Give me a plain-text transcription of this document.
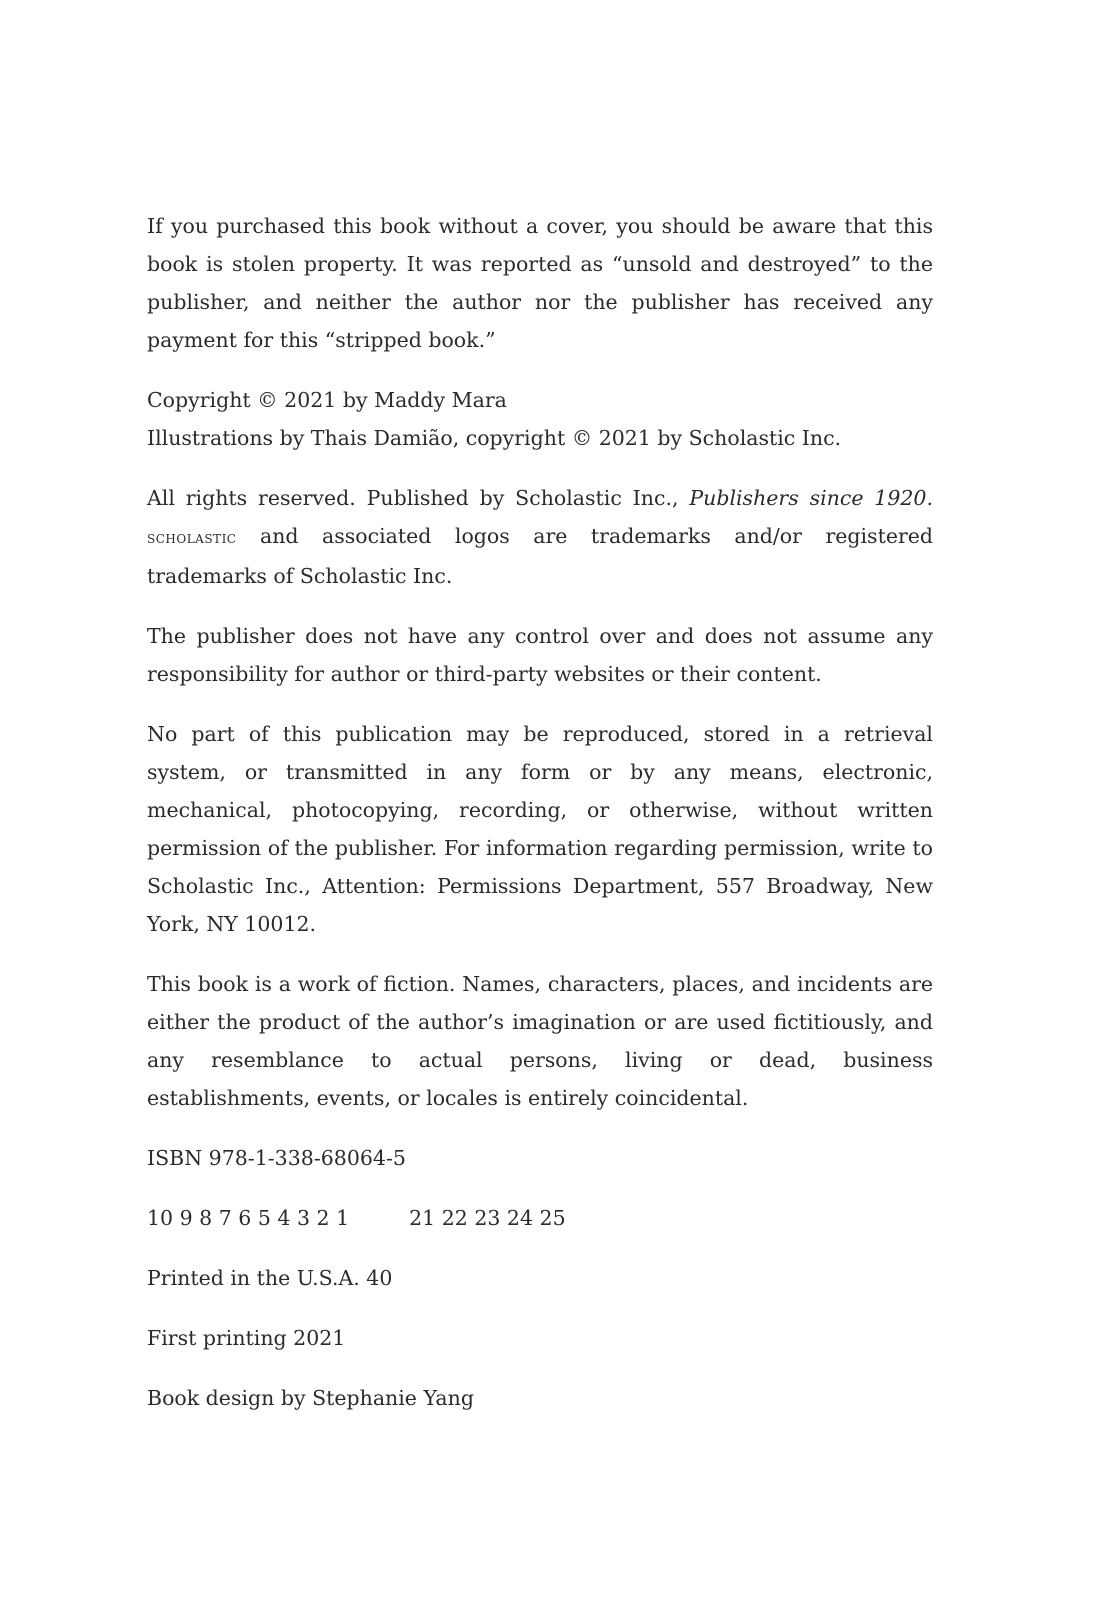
If you purchased this book without a cover, you should be aware that this book is stolen property. It was reported as “unsold and destroyed” to the publisher, and neither the author nor the publisher has received any payment for this “stripped book.”

Copyright © 2021 by Maddy Mara
Illustrations by Thais Damião, copyright © 2021 by Scholastic Inc.

All rights reserved. Published by Scholastic Inc., Publishers since 1920. scholastic and associated logos are trademarks and/or registered trademarks of Scholastic Inc.

The publisher does not have any control over and does not assume any responsibility for author or third-party websites or their content.

No part of this publication may be reproduced, stored in a retrieval system, or transmitted in any form or by any means, electronic, mechanical, photocopying, recording, or otherwise, without written permission of the publisher. For information regarding permission, write to Scholastic Inc., Attention: Permissions Department, 557 Broadway, New York, NY 10012.

This book is a work of fiction. Names, characters, places, and incidents are either the product of the author’s imagination or are used fictitiously, and any resemblance to actual persons, living or dead, business establishments, events, or locales is entirely coincidental.

ISBN 978-1-338-68064-5

10 9 8 7 6 5 4 3 2 1	21 22 23 24 25

Printed in the U.S.A. 40

First printing 2021

Book design by Stephanie Yang
